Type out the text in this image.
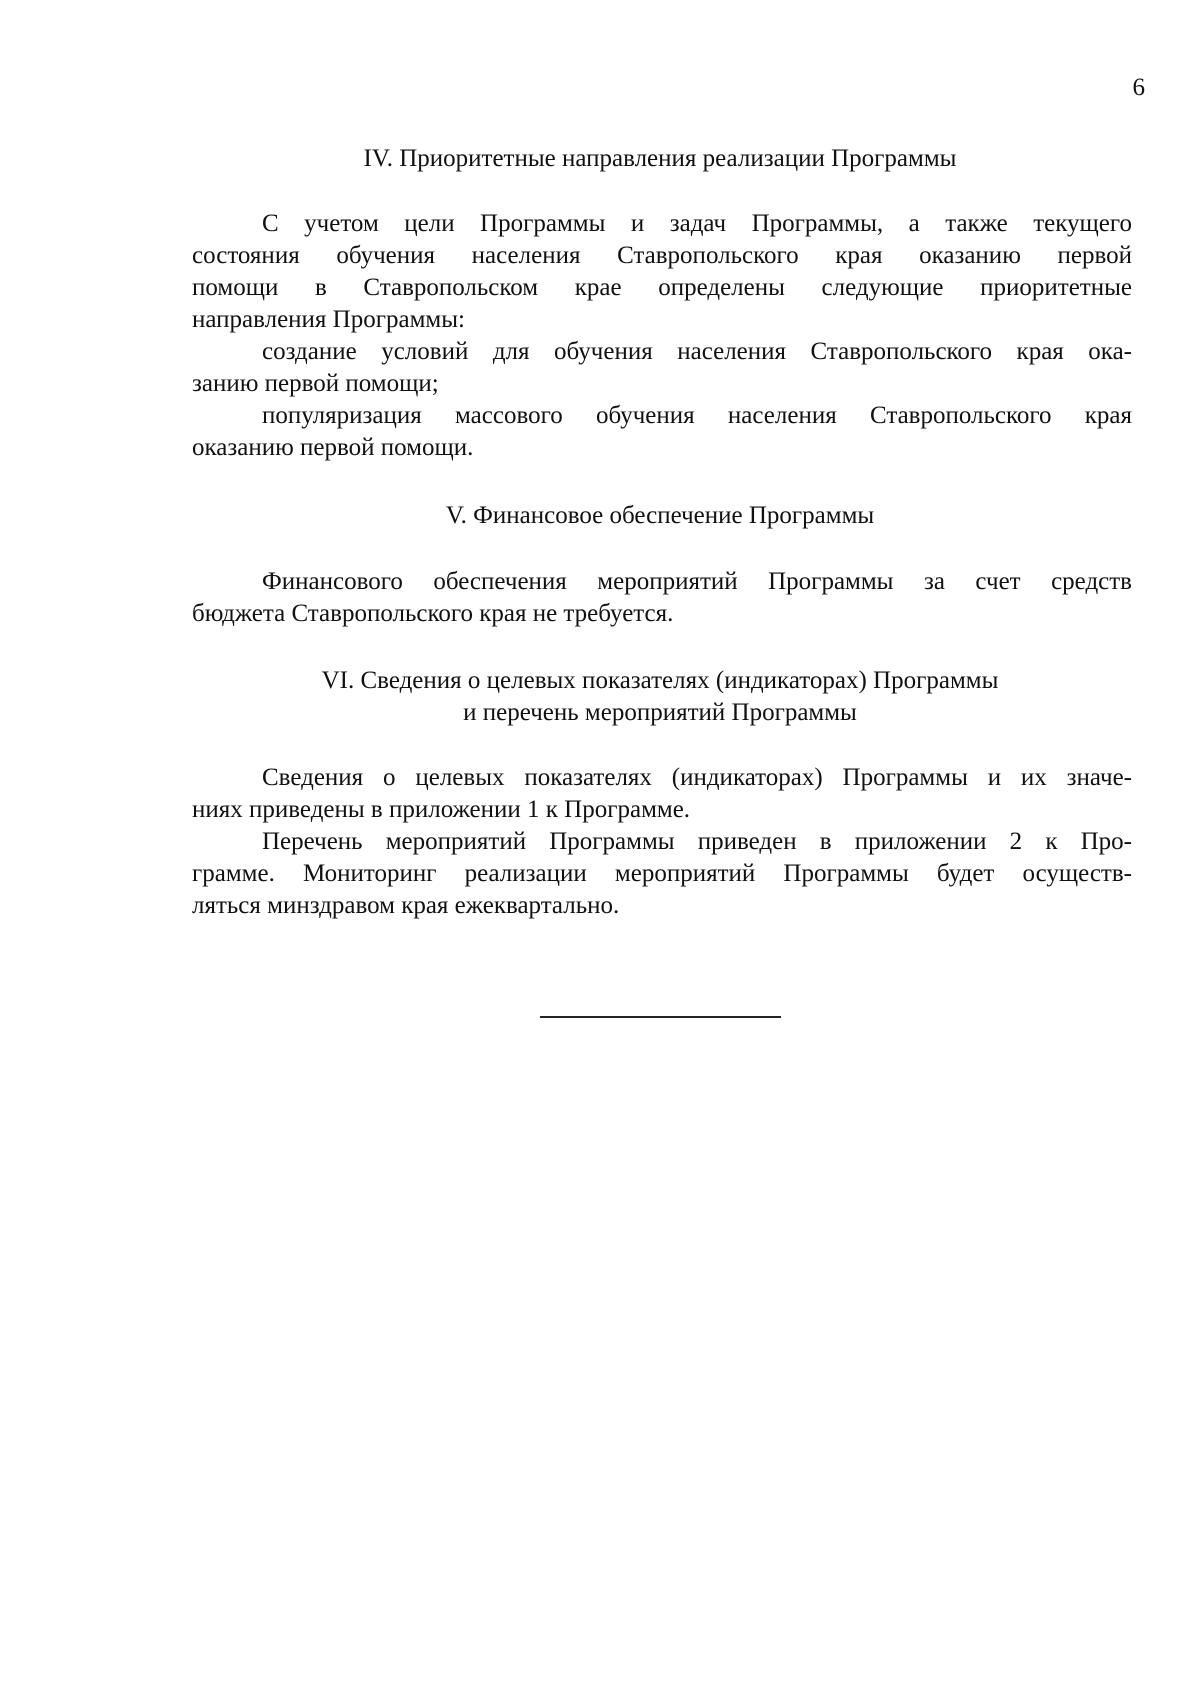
6
IV. Приоритетные направления реализации Программы
С учетом цели Программы и задач Программы, а также текущего
состояния обучения населения Ставропольского края оказанию первой
помощи в Ставропольском крае определены следующие приоритетные
направления Программы:
создание условий для обучения населения Ставропольского края ока-
занию первой помощи;
популяризация массового обучения населения Ставропольского края
оказанию первой помощи.
V. Финансовое обеспечение Программы
Финансового обеспечения мероприятий Программы за счет средств
бюджета Ставропольского края не требуется.
VI. Сведения о целевых показателях (индикаторах) Программы
и перечень мероприятий Программы
Сведения о целевых показателях (индикаторах) Программы и их значе-
ниях приведены в приложении 1 к Программе.
Перечень мероприятий Программы приведен в приложении 2 к Про-
грамме. Мониторинг реализации мероприятий Программы будет осуществ-
ляться минздравом края ежеквартально.
